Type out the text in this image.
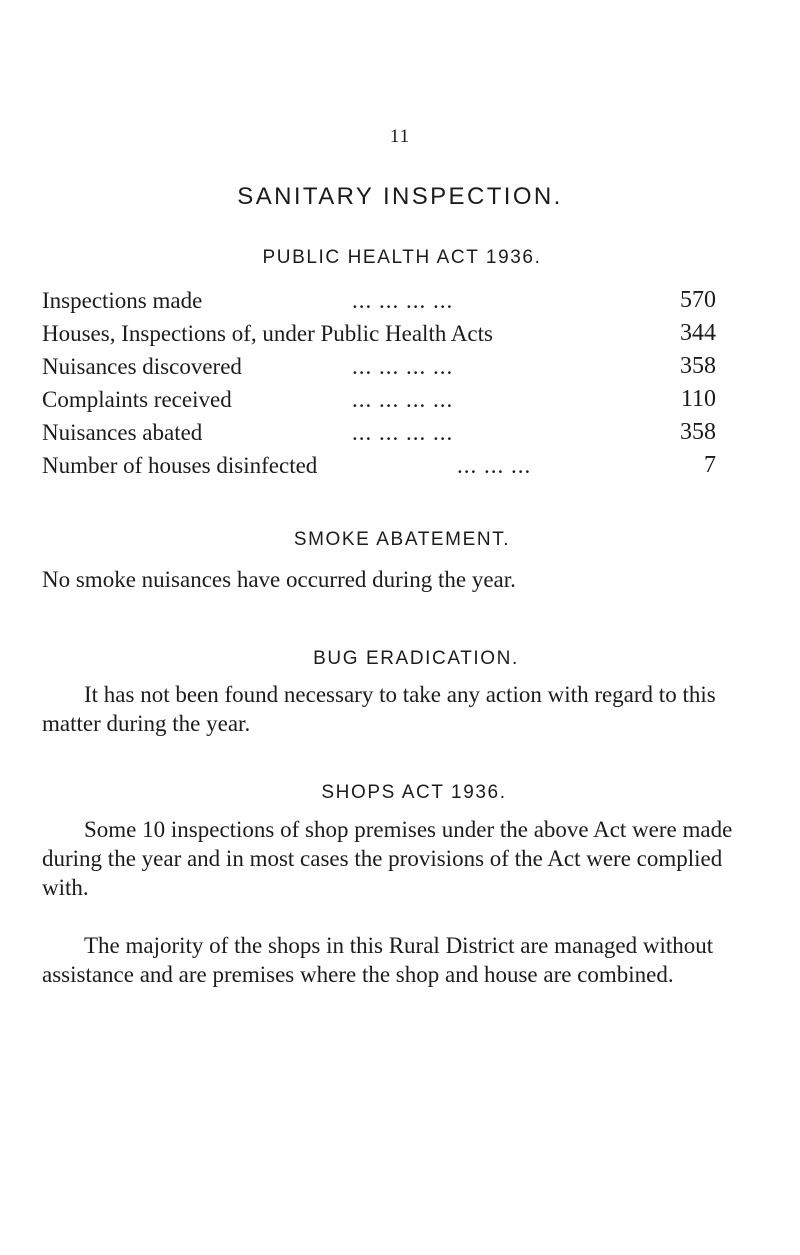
11
SANITARY INSPECTION.
PUBLIC HEALTH ACT 1936.
Inspections made	... ... ... ...	570
Houses, Inspections of, under Public Health Acts	344
Nuisances discovered	... ... ... ...	358
Complaints received	... ... ... ...	110
Nuisances abated	... ... ... ...	358
Number of houses disinfected	... ... ...	7
SMOKE ABATEMENT.

No smoke nuisances have occurred during the year.

BUG ERADICATION.

It has not been found necessary to take any action with regard to this matter during the year.

SHOPS ACT 1936.

Some 10 inspections of shop premises under the above Act were made during the year and in most cases the provisions of the Act were complied with.

The majority of the shops in this Rural District are managed without assistance and are premises where the shop and house are combined.
